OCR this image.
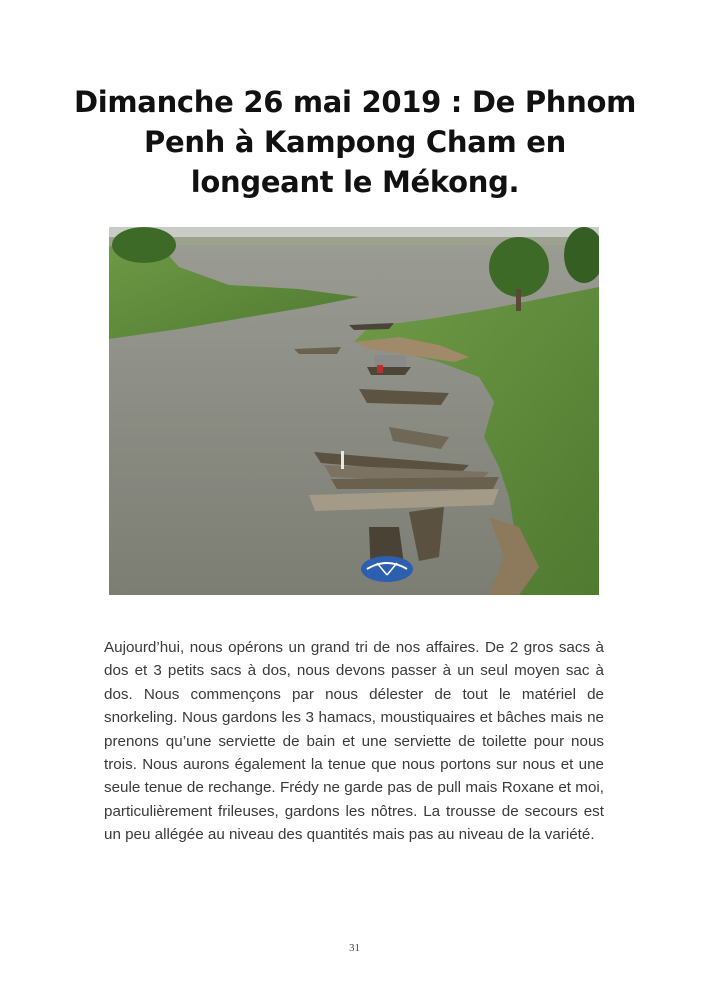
Dimanche 26 mai 2019 : De Phnom Penh à Kampong Cham en longeant le Mékong.

Aujourd’hui, nous opérons un grand tri de nos affaires. De 2 gros sacs à dos et 3 petits sacs à dos, nous devons passer à un seul moyen sac à dos. Nous commençons par nous délester de tout le matériel de snorkeling. Nous gardons les 3 hamacs, moustiquaires et bâches mais ne prenons qu’une serviette de bain et une serviette de toilette pour nous trois. Nous aurons également la tenue que nous portons sur nous et une seule tenue de rechange. Frédy ne garde pas de pull mais Roxane et moi, particulièrement frileuses, gardons les nôtres. La trousse de secours est un peu allégée au niveau des quantités mais pas au niveau de la variété.

31
